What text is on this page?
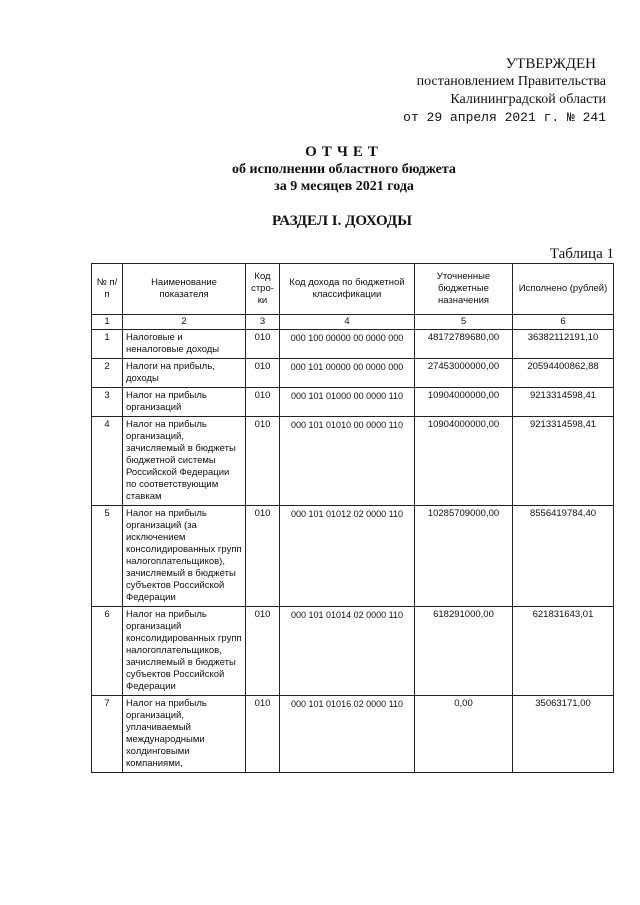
УТВЕРЖДЕН
постановлением Правительства
Калининградской области
от 29 апреля 2021 г. № 241
ОТЧЕТ
об исполнении областного бюджета
за 9 месяцев 2021 года
РАЗДЕЛ I. ДОХОДЫ
Таблица 1
№ п/п	Наименование показателя	Код стро-ки	Код дохода по бюджетной классификации	Уточненные бюджетные назначения	Исполнено (рублей)
1	2	3	4	5	6
1	Налоговые и неналоговые доходы	010	000 100 00000 00 0000 000	48172789680,00	36382112191,10
2	Налоги на прибыль, доходы	010	000 101 00000 00 0000 000	27453000000,00	20594400862,88
3	Налог на прибыль организаций	010	000 101 01000 00 0000 110	10904000000,00	9213314598,41
4	Налог на прибыль организаций, зачисляемый в бюджеты бюджетной системы Российской Федерации по соответствующим ставкам	010	000 101 01010 00 0000 110	10904000000,00	9213314598,41
5	Налог на прибыль организаций (за исключением консолидированных групп налогоплательщиков), зачисляемый в бюджеты субъектов Российской Федерации	010	000 101 01012 02 0000 110	10285709000,00	8556419784,40
6	Налог на прибыль организаций консолидированных групп налогоплательщиков, зачисляемый в бюджеты субъектов Российской Федерации	010	000 101 01014 02 0000 110	618291000,00	621831643,01
7	Налог на прибыль организаций, уплачиваемый международными холдинговыми компаниями,	010	000 101 01016 02 0000 110	0,00	35063171,00
